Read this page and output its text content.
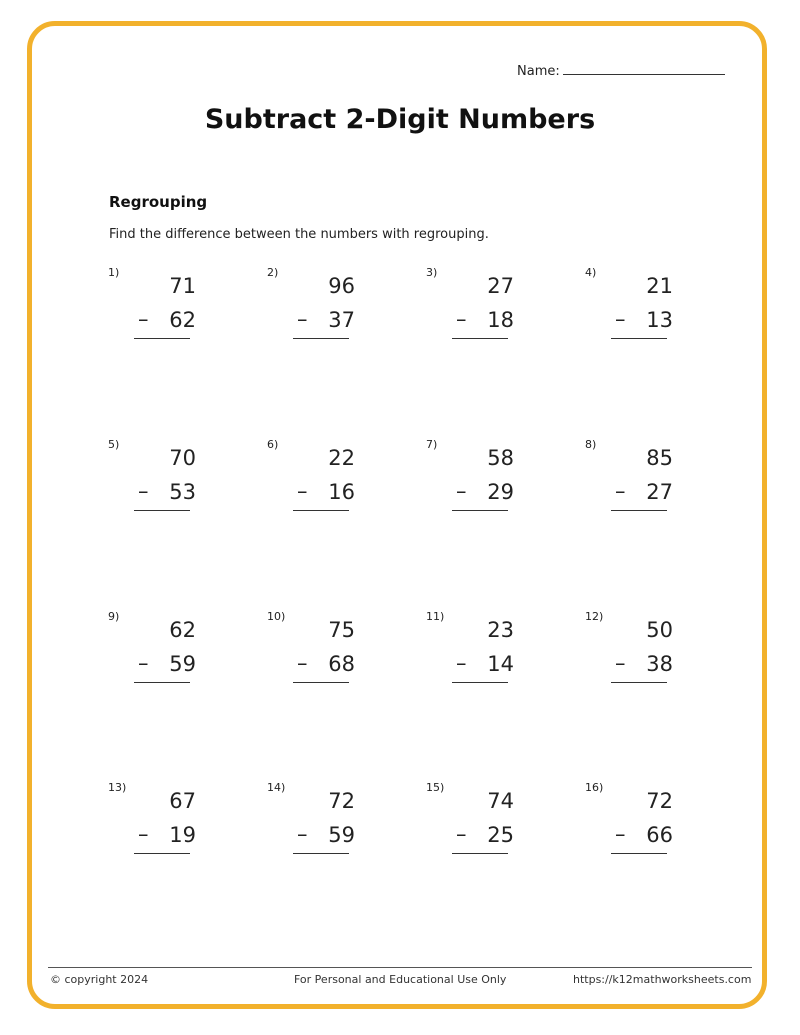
Name:
Subtract 2-Digit Numbers
Regrouping

Find the difference between the numbers with regrouping.

1)
71
– 62
2)
96
– 37
3)
27
– 18
4)
21
– 13
5)
70
– 53
6)
22
– 16
7)
58
– 29
8)
85
– 27
9)
62
– 59
10)
75
– 68
11)
23
– 14
12)
50
– 38
13)
67
– 19
14)
72
– 59
15)
74
– 25
16)
72
– 66
© copyright 2024	For Personal and Educational Use Only	https://k12mathworksheets.com
